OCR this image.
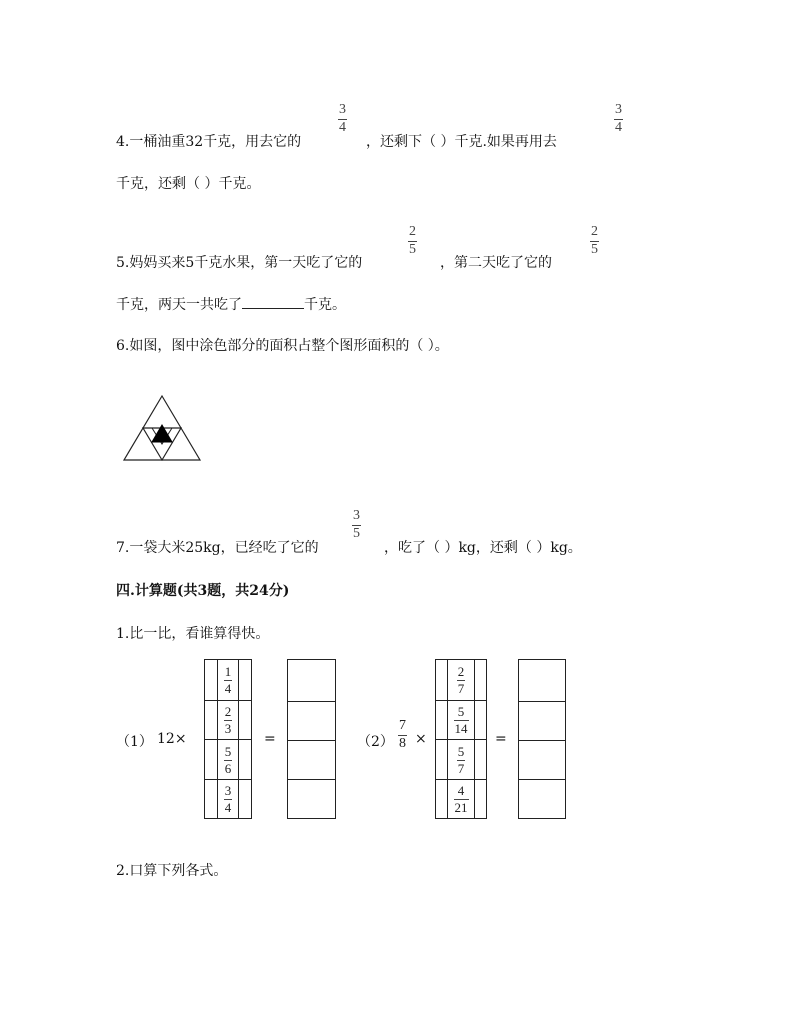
4.一桶油重32千克，用去它的
3
4
，还剩下（ ）千克.如果再用去
3
4
千克，还剩（ ）千克。
5.妈妈买来5千克水果，第一天吃了它的
2
5
，第二天吃了它的
2
5
千克，两天一共吃了	千克。
6.如图，图中涂色部分的面积占整个图形面积的（ ）。
7.一袋大米25kg，已经吃了它的
3
5
，吃了（ ）kg，还剩（ ）kg。
四.计算题(共3题，共24分)
1.比一比，看谁算得快。
（1） 12×
$\frac{1}{4}$
$\frac{2}{3}$
$\frac{5}{6}$
$\frac{3}{4}$
=	（2）
7
8 ×
$\frac{2}{7}$
$\frac{5}{14}$
$\frac{5}{7}$
$\frac{4}{21}$
=
2.口算下列各式。
